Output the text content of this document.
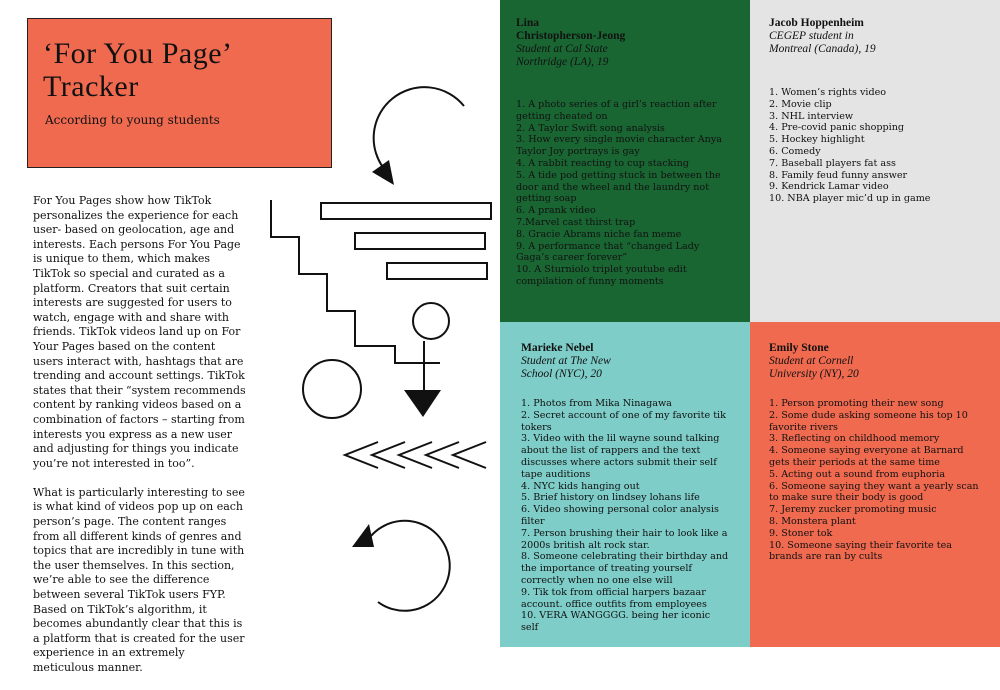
‘For You Page’
Tracker
According to young students

For You Pages show how TikTok personalizes the experience for each user- based on geolocation, age and interests. Each persons For You Page is unique to them, which makes TikTok so special and curated as a platform. Creators that suit certain interests are suggested for users to watch, engage with and share with friends. TikTok videos land up on For Your Pages based on the content users interact with, hashtags that are trending and account settings. TikTok states that their “system recommends content by ranking videos based on a combination of factors – starting from interests you express as a new user and adjusting for things you indicate you’re not interested in too”.

What is particularly interesting to see is what kind of videos pop up on each person’s page. The content ranges from all different kinds of genres and topics that are incredibly in tune with the user themselves. In this section, we’re able to see the difference between several TikTok users FYP. Based on TikTok’s algorithm, it becomes abundantly clear that this is a platform that is created for the user experience in an extremely meticulous manner.

Lina
Christopherson-Jeong
Student at Cal State
Northridge (LA), 19
1. A photo series of a girl’s reaction after getting cheated on
2. A Taylor Swift song analysis
3. How every single movie character Anya Taylor Joy portrays is gay
4. A rabbit reacting to cup stacking
5. A tide pod getting stuck in between the door and the wheel and the laundry not getting soap
6. A prank video
7.Marvel cast thirst trap
8. Gracie Abrams niche fan meme
9. A performance that “changed Lady Gaga’s career forever”
10. A Sturniolo triplet youtube edit compilation of funny moments
Jacob Hoppenheim
CEGEP student in
Montreal (Canada), 19
1. Women’s rights video
2. Movie clip
3. NHL interview
4. Pre-covid panic shopping
5. Hockey highlight
6. Comedy
7. Baseball players fat ass
8. Family feud funny answer
9. Kendrick Lamar video
10. NBA player mic’d up in game
Marieke Nebel
Student at The New
School (NYC), 20
1. Photos from Mika Ninagawa
2. Secret account of one of my favorite tik tokers
3. Video with the lil wayne sound talking about the list of rappers and the text discusses where actors submit their self tape auditions
4. NYC kids hanging out
5. Brief history on lindsey lohans life
6. Video showing personal color analysis filter
7. Person brushing their hair to look like a 2000s british alt rock star.
8. Someone celebrating their birthday and the importance of treating yourself correctly when no one else will
9. Tik tok from official harpers bazaar account. office outfits from employees
10. VERA WANGGGG. being her iconic self
Emily Stone
Student at Cornell
University (NY), 20
1. Person promoting their new song
2. Some dude asking someone his top 10 favorite rivers
3. Reflecting on childhood memory
4. Someone saying everyone at Barnard gets their periods at the same time
5. Acting out a sound from euphoria
6. Someone saying they want a yearly scan to make sure their body is good
7. Jeremy zucker promoting music
8. Monstera plant
9. Stoner tok
10. Someone saying their favorite tea brands are ran by cults
